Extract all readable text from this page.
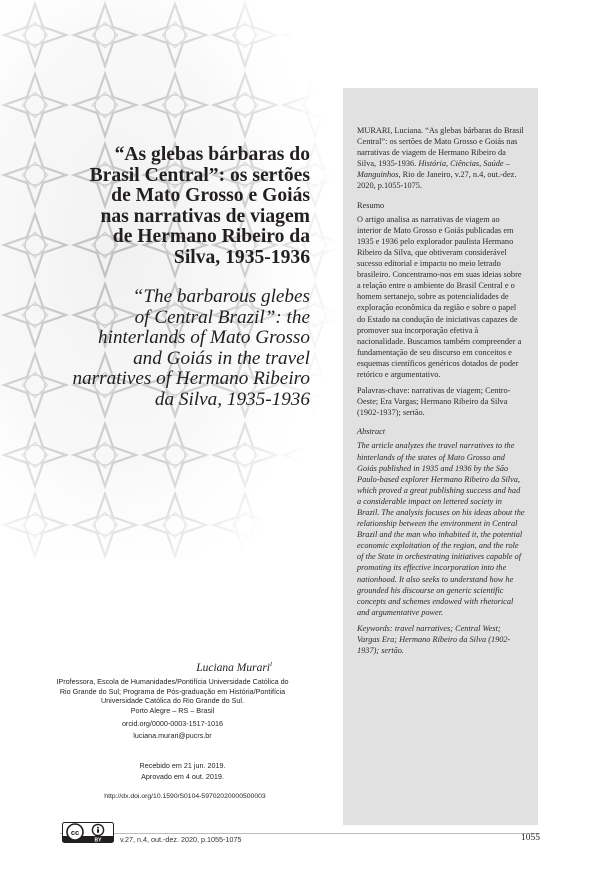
“As glebas bárbaras do
Brasil Central”: os sertões
de Mato Grosso e Goiás
nas narrativas de viagem
de Hermano Ribeiro da
Silva, 1935-1936
“The barbarous glebes
of Central Brazil”: the
hinterlands of Mato Grosso
and Goiás in the travel
narratives of Hermano Ribeiro
da Silva, 1935-1936

MURARI, Luciana. “As glebas bárbaras do Brasil Central”: os sertões de Mato Grosso e Goiás nas narrativas de viagem de Hermano Ribeiro da Silva, 1935-1936. História, Ciências, Saúde – Manguinhos, Rio de Janeiro, v.27, n.4, out.-dez. 2020, p.1055-1075.

Resumo

O artigo analisa as narrativas de viagem ao interior de Mato Grosso e Goiás publicadas em 1935 e 1936 pelo explorador paulista Hermano Ribeiro da Silva, que obtiveram considerável sucesso editorial e impacto no meio letrado brasileiro. Concentramo-nos em suas ideias sobre a relação entre o ambiente do Brasil Central e o homem sertanejo, sobre as potencialidades de exploração econômica da região e sobre o papel do Estado na condução de iniciativas capazes de promover sua incorporação efetiva à nacionalidade. Buscamos também compreender a fundamentação de seu discurso em conceitos e esquemas científicos genéricos dotados de poder retórico e argumentativo.

Palavras-chave: narrativas de viagem; Centro-Oeste; Era Vargas; Hermano Ribeiro da Silva (1902-1937); sertão.

Abstract

The article analyzes the travel narratives to the hinterlands of the states of Mato Grosso and Goiás published in 1935 and 1936 by the São Paulo-based explorer Hermano Ribeiro da Silva, which proved a great publishing success and had a considerable impact on lettered society in Brazil. The analysis focuses on his ideas about the relationship between the environment in Central Brazil and the man who inhabited it, the potential economic exploitation of the region, and the role of the State in orchestrating initiatives capable of promoting its effective incorporation into the nationhood. It also seeks to understand how he grounded his discourse on generic scientific concepts and schemes endowed with rhetorical and argumentative power.

Keywords: travel narratives; Central West; Vargas Era; Hermano Ribeiro da Silva (1902-1937); sertão.

Luciana Murari$^I$
IProfessora, Escola de Humanidades/Pontifícia Universidade Católica do
Rio Grande do Sul; Programa de Pós-graduação em História/Pontifícia
Universidade Católica do Rio Grande do Sul.
Porto Alegre – RS – Brasil
orcid.org/0000-0003-1517-1016
luciana.murari@pucrs.br
Recebido em 21 jun. 2019.
Aprovado em 4 out. 2019.
http://dx.doi.org/10.1590/S0104-59702020000500003
cc
BY	v.27, n.4, out.-dez. 2020, p.1055-1075	1055
